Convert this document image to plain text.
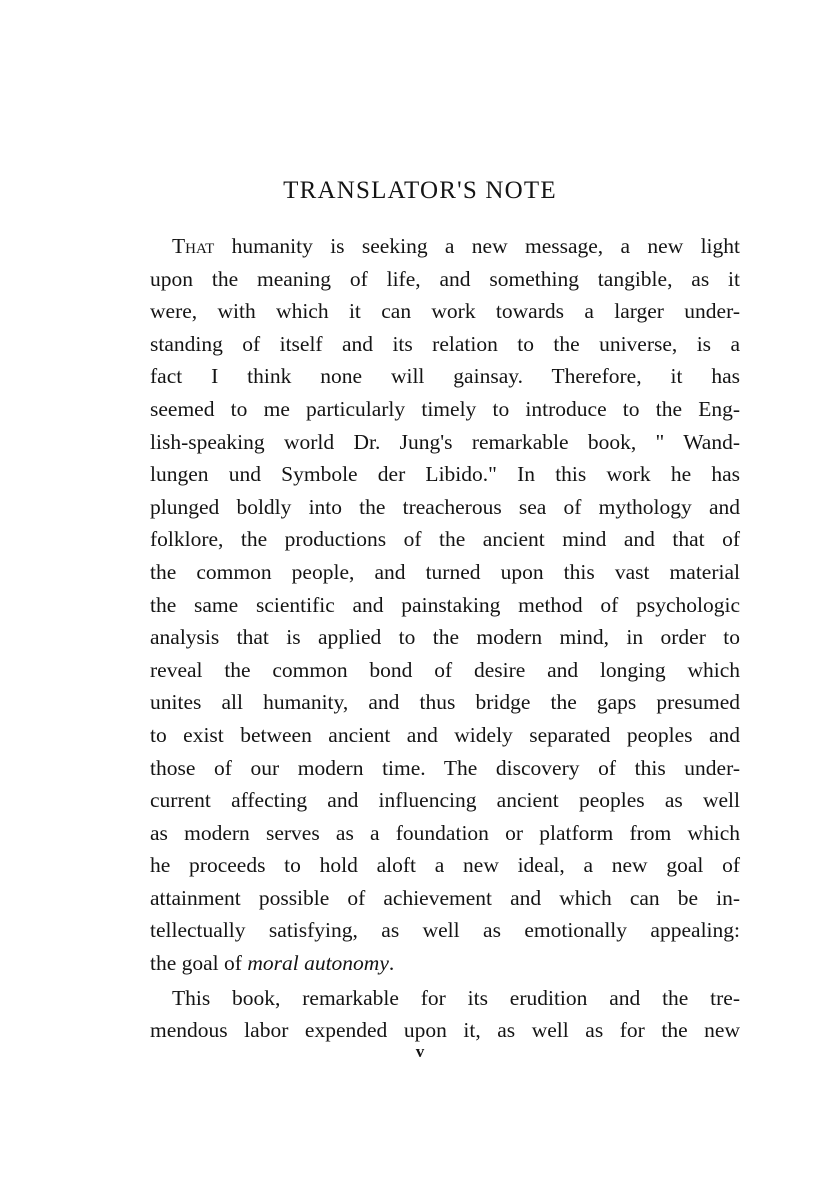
TRANSLATOR'S NOTE
That humanity is seeking a new message, a new light
upon the meaning of life, and something tangible, as it
were, with which it can work towards a larger under-
standing of itself and its relation to the universe, is a
fact I think none will gainsay. Therefore, it has
seemed to me particularly timely to introduce to the Eng-
lish-speaking world Dr. Jung's remarkable book, " Wand-
lungen und Symbole der Libido." In this work he has
plunged boldly into the treacherous sea of mythology and
folklore, the productions of the ancient mind and that of
the common people, and turned upon this vast material
the same scientific and painstaking method of psychologic
analysis that is applied to the modern mind, in order to
reveal the common bond of desire and longing which
unites all humanity, and thus bridge the gaps presumed
to exist between ancient and widely separated peoples and
those of our modern time. The discovery of this under-
current affecting and influencing ancient peoples as well
as modern serves as a foundation or platform from which
he proceeds to hold aloft a new ideal, a new goal of
attainment possible of achievement and which can be in-
tellectually satisfying, as well as emotionally appealing:
the goal of moral autonomy.
This book, remarkable for its erudition and the tre-
mendous labor expended upon it, as well as for the new
v
